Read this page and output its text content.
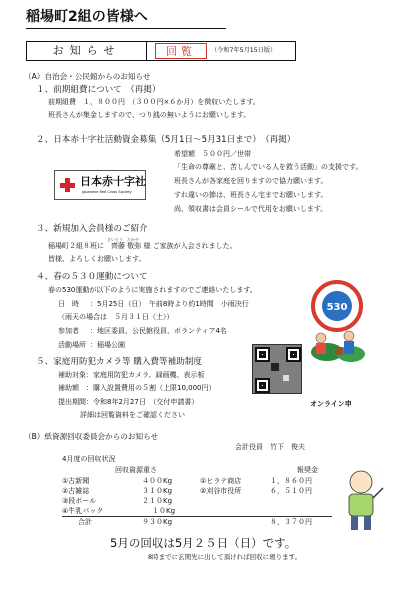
稲場町2組の皆様へ
お知らせ	回覧	（令和7年5月15日版）
（A）自治会・公民館からのお知らせ
１、前期組費について　（再掲）
前期組費　１，８００円　（３００円×６か月）を徴収いたします。
班長さんが集金しますので、つり銭の無いようにお願いします。
２、日本赤十字社活動資金募集（5月1日～5月31日まで）　（再掲）
希望額　５００円／世帯
「生命の尊厳と、苦しんでいる人を救う活動」の支援です。
班長さんが各家庭を回りますので協力願います。
すれ違いの節は、班長さん宅までお願いします。
尚、領収書は会員シールで代用をお願いします。
日本赤十字社
Japanese Red Cross Society
３、新規加入会員様のご紹介
さいとう　たかや
稲場町２組８班に　齊藤 敬弥 様 ご家族が入会されました。
皆様、よろしくお願いします。
４、春の５３０運動について
春の530運動が以下のように実施されますのでご連絡いたします。
日　時 ：5月25日（日）　午前8時より約1時間　小雨決行
（雨天の場合は　５月３１日（土））
参加者 ：地区委員、公民館役員、ボランティア4名
活動場所 ：稲場公園
530
５、家庭用防犯カメラ等 購入費等補助制度
補助対象：家庭用防犯カメラ、録画機、表示板
補助額　：購入設置費用の５割（上限10,000円）
提出期間：令和8年2月27日　（交付申請書）
詳細は回覧資料をご確認ください
オンライン申
（B）紙資源回収委員会からのお知らせ
会計役員　竹下　俊夫
4月度の回収状況
回収資源重さ	報奨金
①古新聞	４００Kg	①ヒラテ商店	１，８６０円
②古雑誌	３１０Kg	②刈谷市役所	６，５１０円
③段ボール	２１０Kg
④牛乳パック	１０Kg
合計	９３０Kg	８，３７０円
5月の回収は5月２５日（日）です。
8時までに玄関先に出して頂ければ回収に廻ります。
